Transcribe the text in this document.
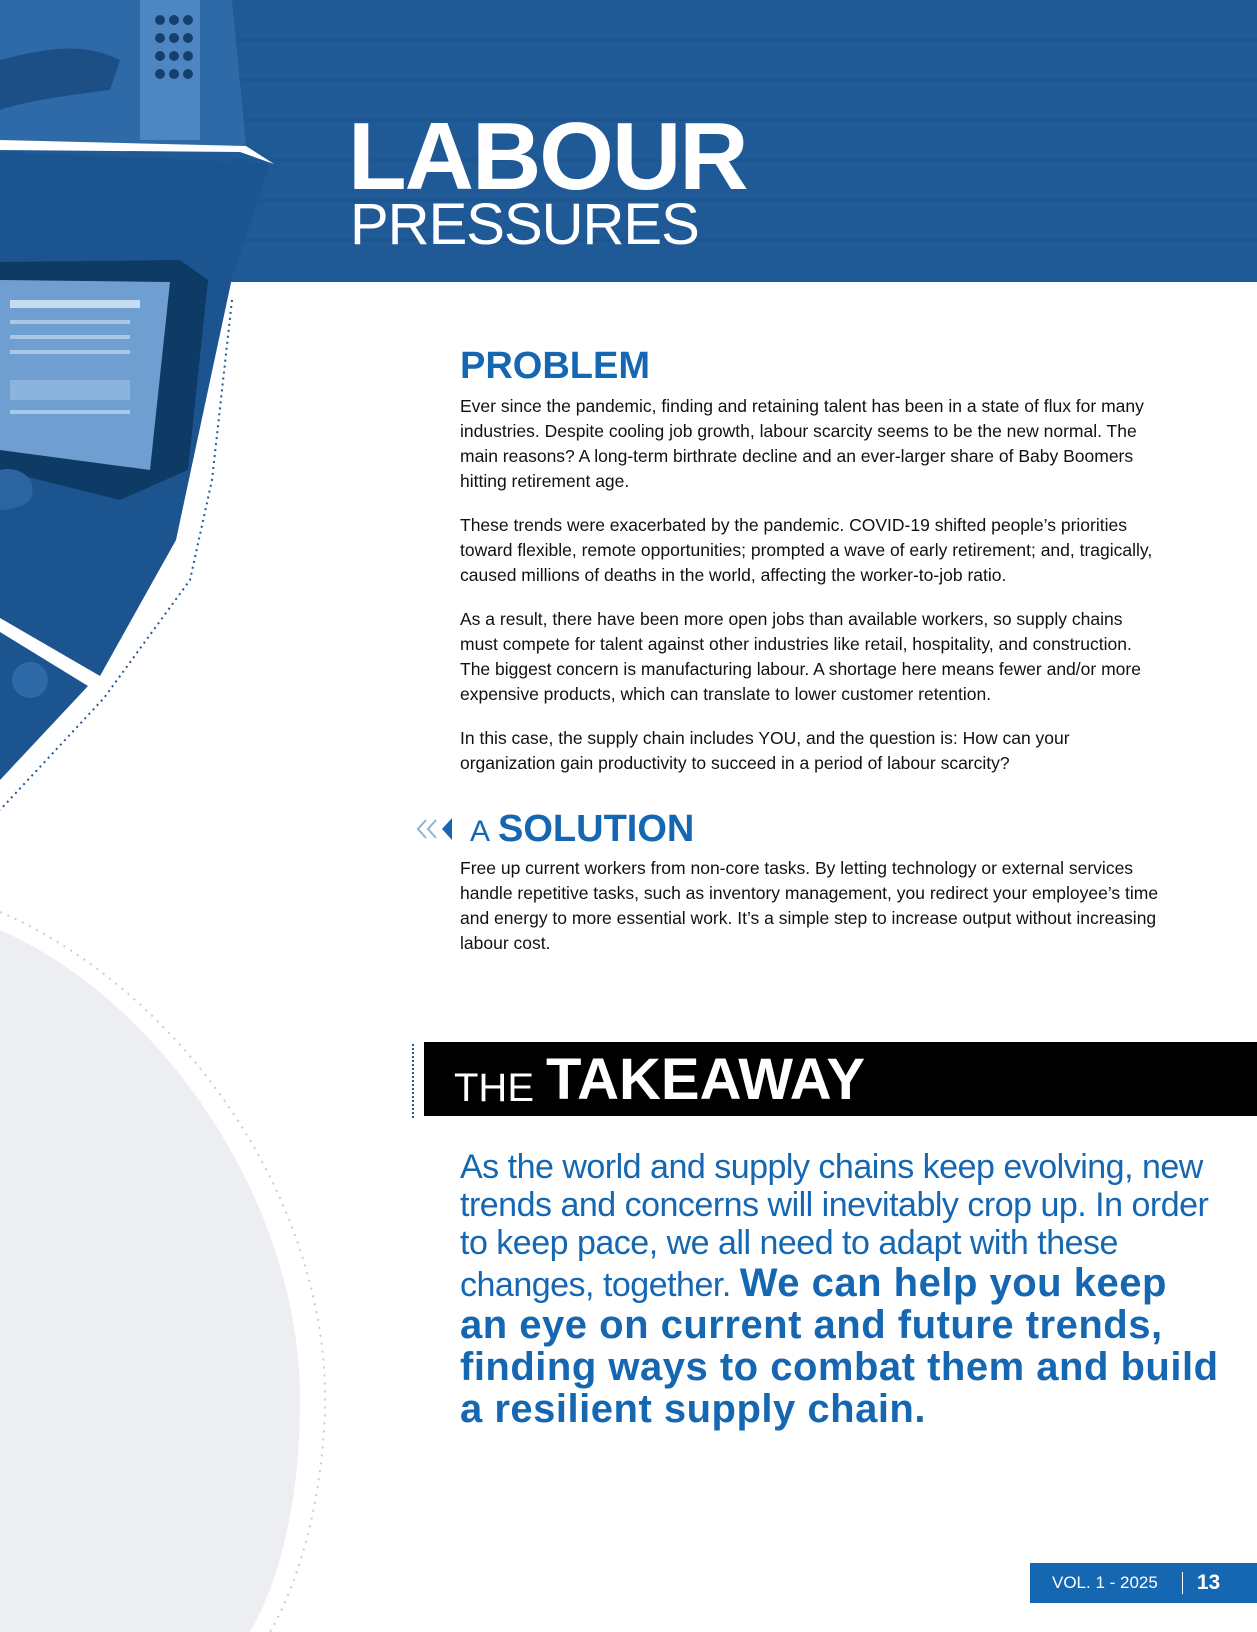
LABOUR
PRESSURES
PROBLEM

Ever since the pandemic, finding and retaining talent has been in a state of flux for many industries. Despite cooling job growth, labour scarcity seems to be the new normal. The main reasons? A long-term birthrate decline and an ever-larger share of Baby Boomers hitting retirement age.

These trends were exacerbated by the pandemic. COVID-19 shifted people’s priorities toward flexible, remote opportunities; prompted a wave of early retirement; and, tragically, caused millions of deaths in the world, affecting the worker-to-job ratio.

As a result, there have been more open jobs than available workers, so supply chains must compete for talent against other industries like retail, hospitality, and construction. The biggest concern is manufacturing labour. A shortage here means fewer and/or more expensive products, which can translate to lower customer retention.

In this case, the supply chain includes YOU, and the question is: How can your organization gain productivity to succeed in a period of labour scarcity?

A SOLUTION

Free up current workers from non-core tasks. By letting technology or external services handle repetitive tasks, such as inventory management, you redirect your employee’s time and energy to more essential work. It’s a simple step to increase output without increasing labour cost.

THE TAKEAWAY

As the world and supply chains keep evolving, new trends and concerns will inevitably crop up. In order to keep pace, we all need to adapt with these changes, together. We can help you keep an eye on current and future trends, finding ways to combat them and build a resilient supply chain.

VOL. 1 - 2025 13
